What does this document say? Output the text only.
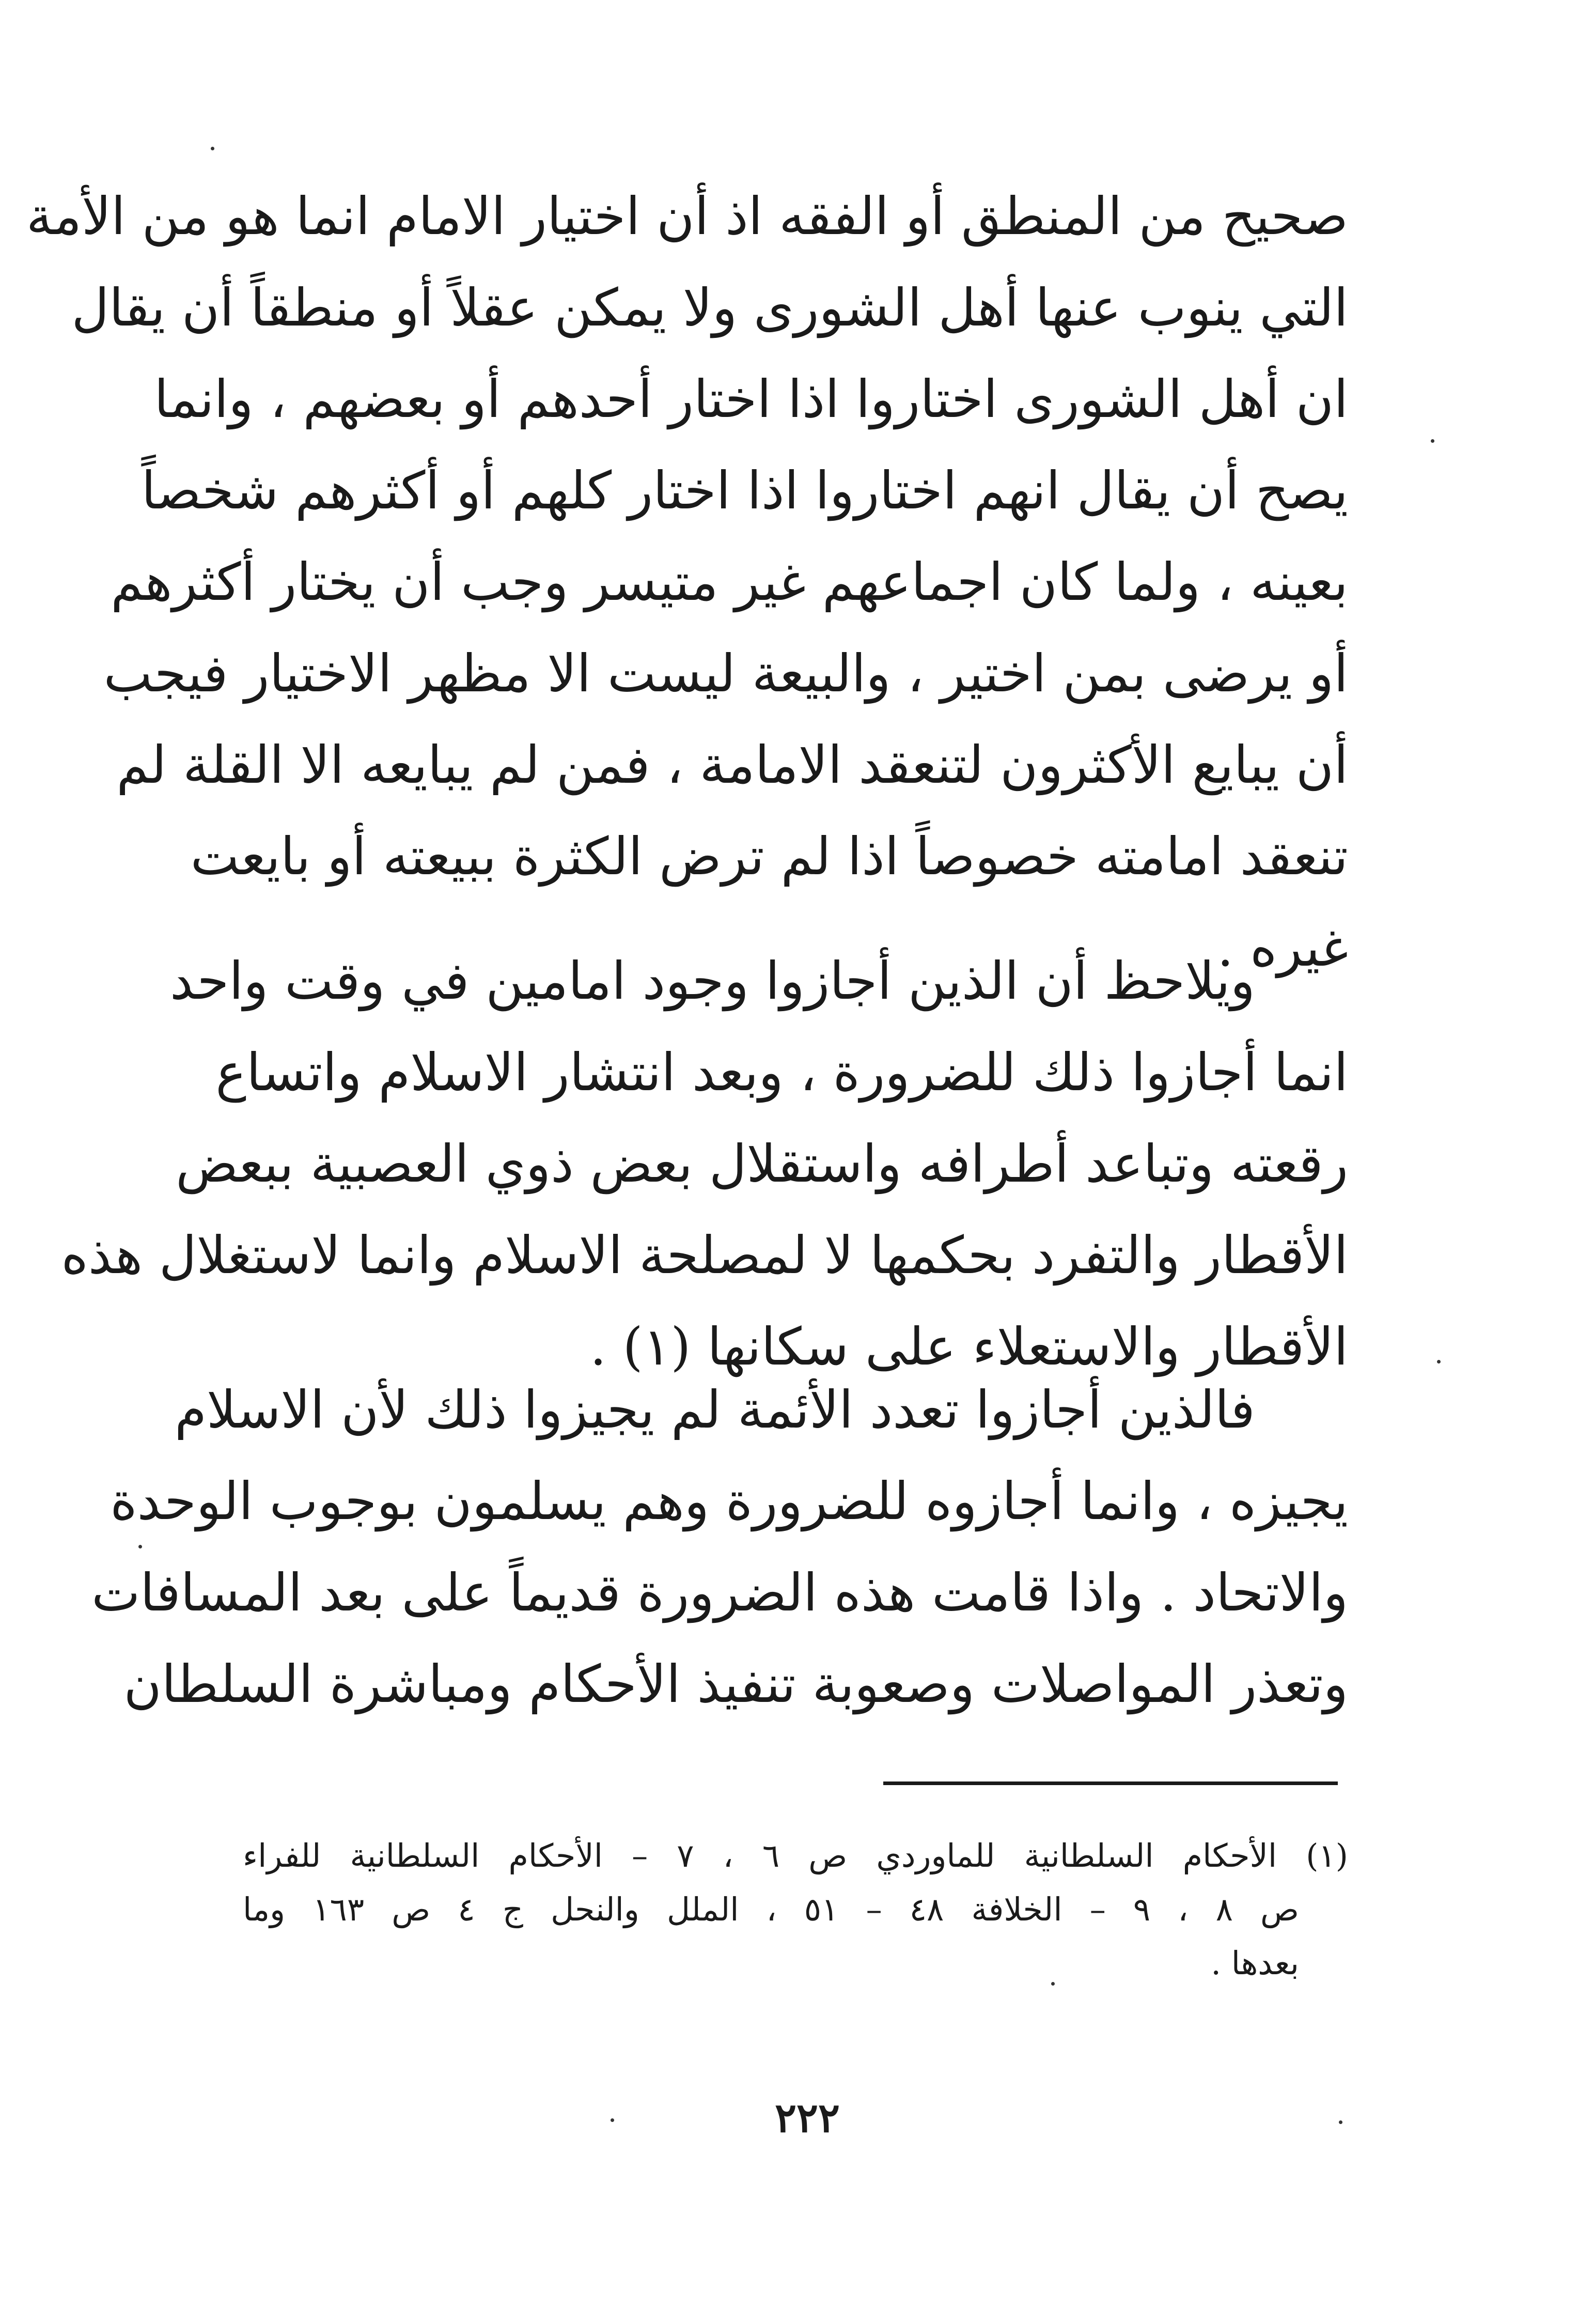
صحيح من المنطق أو الفقه اذ أن اختيار الامام انما هو من الأمة
التي ينوب عنها أهل الشورى ولا يمكن عقلاً أو منطقاً أن يقال
ان أهل الشورى اختاروا اذا اختار أحدهم أو بعضهم ، وانما
يصح أن يقال انهم اختاروا اذا اختار كلهم أو أكثرهم شخصاً
بعينه ، ولما كان اجماعهم غير متيسر وجب أن يختار أكثرهم
أو يرضى بمن اختير ، والبيعة ليست الا مظهر الاختيار فيجب
أن يبايع الأكثرون لتنعقد الامامة ، فمن لم يبايعه الا القلة لم
تنعقد امامته خصوصاً اذا لم ترض الكثرة ببيعته أو بايعت
غيره .
ويلاحظ أن الذين أجازوا وجود امامين في وقت واحد
انما أجازوا ذلك للضرورة ، وبعد انتشار الاسلام واتساع
رقعته وتباعد أطرافه واستقلال بعض ذوي العصبية ببعض
الأقطار والتفرد بحكمها لا لمصلحة الاسلام وانما لاستغلال هذه
الأقطار والاستعلاء على سكانها (١) .
فالذين أجازوا تعدد الأئمة لم يجيزوا ذلك لأن الاسلام
يجيزه ، وانما أجازوه للضرورة وهم يسلمون بوجوب الوحدة
والاتحاد . واذا قامت هذه الضرورة قديماً على بعد المسافات
وتعذر المواصلات وصعوبة تنفيذ الأحكام ومباشرة السلطان
(١) الأحكام السلطانية للماوردي ص ٦ ، ٧ – الأحكام السلطانية للفراء
ص ٨ ، ٩ – الخلافة ٤٨ – ٥١ ، الملل والنحل ج ٤ ص ١٦٣ وما
بعدها .
٢٢٢
